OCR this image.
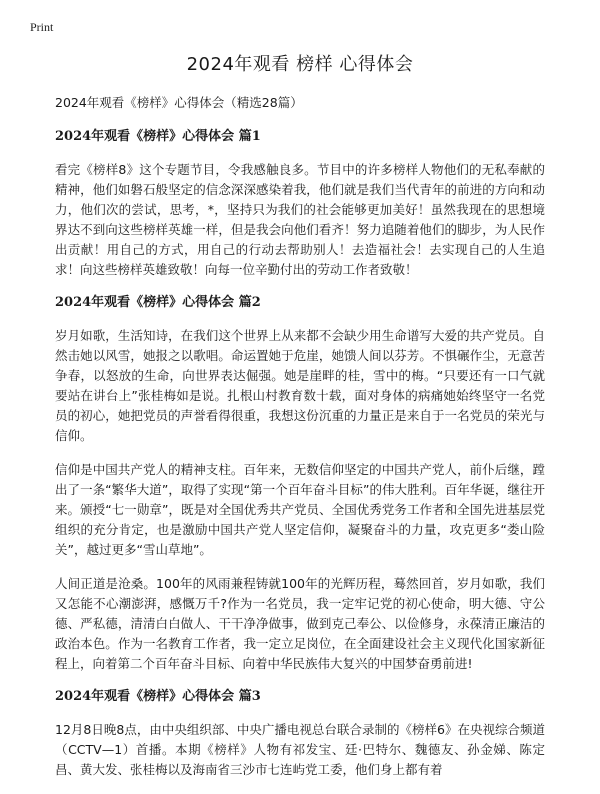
Print
2024年观看 榜样 心得体会
2024年观看《榜样》心得体会（精选28篇）
2024年观看《榜样》心得体会 篇1

看完《榜样8》这个专题节目，令我感触良多。节目中的许多榜样人物他们的无私奉献的精神，他们如磐石般坚定的信念深深感染着我，他们就是我们当代青年的前进的方向和动力，他们次的尝试，思考，*，坚持只为我们的社会能够更加美好！虽然我现在的思想境界达不到向这些榜样英雄一样，但是我会向他们看齐！努力追随着他们的脚步，为人民作出贡献！用自己的方式，用自己的行动去帮助别人！去造福社会！去实现自己的人生追求！向这些榜样英雄致敬！向每一位辛勤付出的劳动工作者致敬！

2024年观看《榜样》心得体会 篇2

岁月如歌，生活知诗，在我们这个世界上从来都不会缺少用生命谱写大爱的共产党员。自然击她以风雪，她报之以歌唱。命运置她于危崖，她馈人间以芬芳。不惧碾作尘，无意苦争春，以怒放的生命，向世界表达倔强。她是崖畔的桂，雪中的梅。“只要还有一口气就要站在讲台上”张桂梅如是说。扎根山村教育数十载，面对身体的病痛她始终坚守一名党员的初心，她把党员的声誉看得很重，我想这份沉重的力量正是来自于一名党员的荣光与信仰。

信仰是中国共产党人的精神支柱。百年来，无数信仰坚定的中国共产党人，前仆后继，蹚出了一条“繁华大道”，取得了实现“第一个百年奋斗目标”的伟大胜利。百年华诞，继往开来。颁授“七一勋章”，既是对全国优秀共产党员、全国优秀党务工作者和全国先进基层党组织的充分肯定，也是激励中国共产党人坚定信仰，凝聚奋斗的力量，攻克更多“娄山险关”，越过更多“雪山草地”。

人间正道是沧桑。100年的风雨兼程铸就100年的光辉历程，蓦然回首，岁月如歌，我们又怎能不心潮澎湃，感慨万千?作为一名党员，我一定牢记党的初心使命，明大德、守公德、严私德，清清白白做人、干干净净做事，做到克己奉公、以俭修身，永葆清正廉洁的政治本色。作为一名教育工作者，我一定立足岗位，在全面建设社会主义现代化国家新征程上，向着第二个百年奋斗目标、向着中华民族伟大复兴的中国梦奋勇前进!

2024年观看《榜样》心得体会 篇3

12月8日晚8点，由中央组织部、中央广播电视总台联合录制的《榜样6》在央视综合频道（CCTV—1）首播。本期《榜样》人物有祁发宝、廷·巴特尔、魏德友、孙金娣、陈定昌、黄大发、张桂梅以及海南省三沙市七连屿党工委，他们身上都有着
